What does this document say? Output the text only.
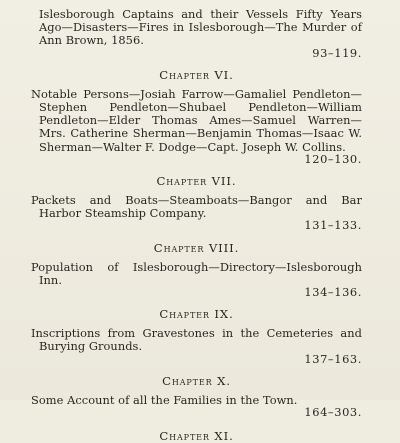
Islesborough Captains and their Vessels Fifty Years Ago—Disasters—Fires in Islesborough—The Murder of Ann Brown, 1856.
93–119.
Chapter VI.
Notable Persons—Josiah Farrow—Gamaliel Pendleton—Stephen Pendleton—Shubael Pendleton—William Pendleton—Elder Thomas Ames—Samuel Warren—Mrs. Catherine Sherman—Benjamin Thomas—Isaac W. Sherman—Walter F. Dodge—Capt. Joseph W. Collins.
120–130.
Chapter VII.
Packets and Boats—Steamboats—Bangor and Bar Harbor Steamship Company.
131–133.
Chapter VIII.
Population of Islesborough—Directory—Islesborough Inn.
134–136.
Chapter IX.
Inscriptions from Gravestones in the Cemeteries and Burying Grounds.
137–163.
Chapter X.
Some Account of all the Families in the Town.
164–303.
Chapter XI.
